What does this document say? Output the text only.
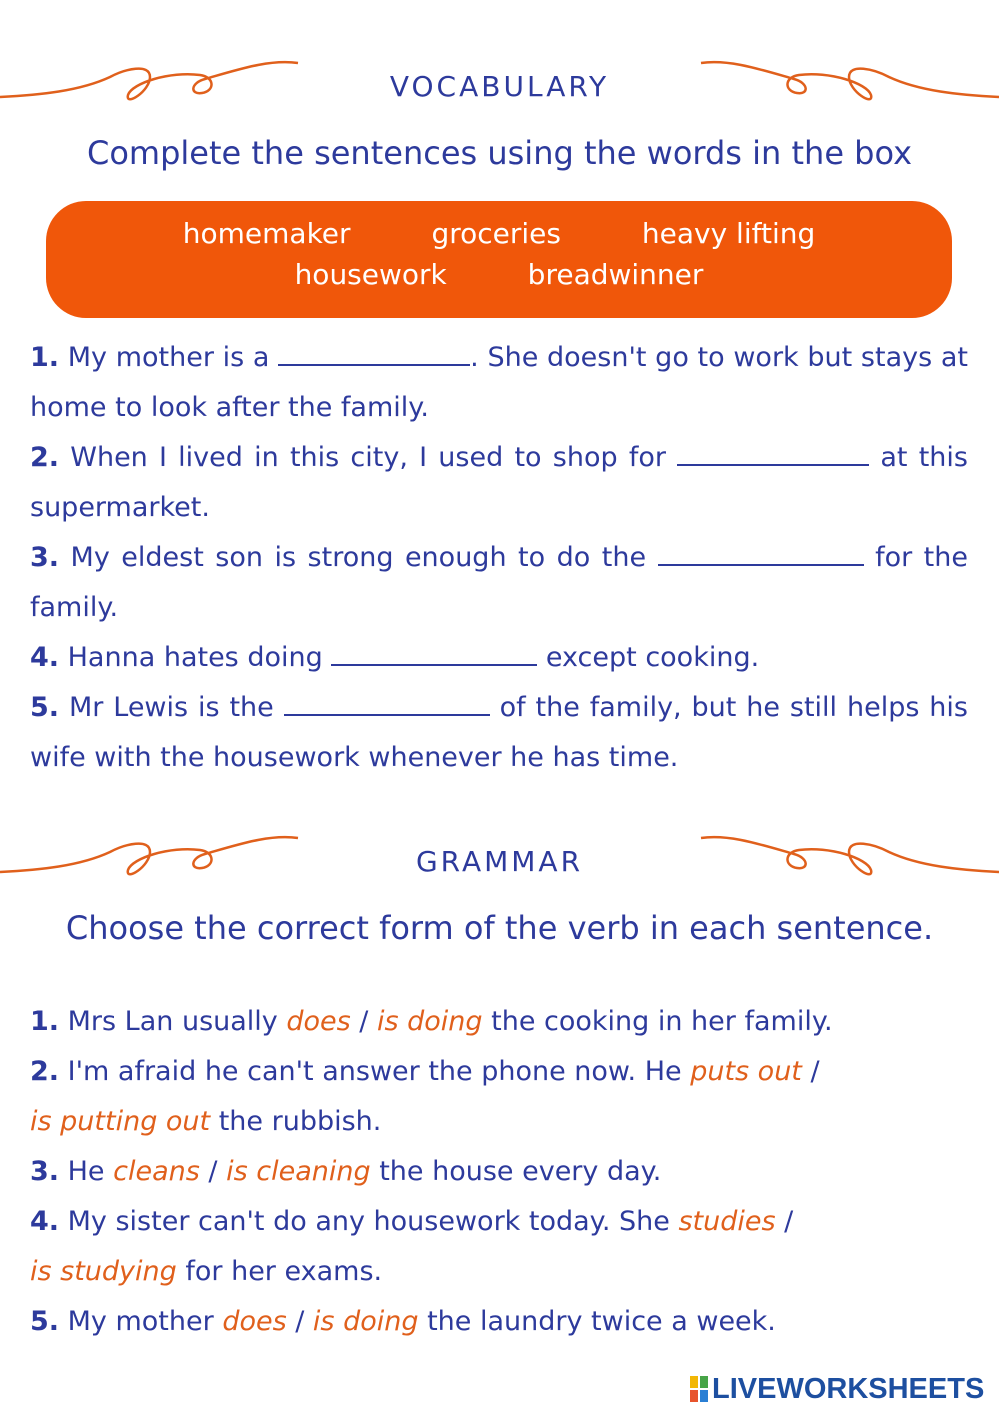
VOCABULARY
Complete the sentences using the words in the box
homemaker	groceries	heavy lifting
housework	breadwinner

1. My mother is a	. She doesn't go to work but stays at home to look after the family.

2. When I lived in this city, I used to shop for	at this supermarket.

3. My eldest son is strong enough to do the	for the family.

4. Hanna hates doing	except cooking.

5. Mr Lewis is the	of the family, but he still helps his wife with the housework whenever he has time.

GRAMMAR
Choose the correct form of the verb in each sentence.

1. Mrs Lan usually does / is doing the cooking in her family.

2. I'm afraid he can't answer the phone now. He puts out /
is putting out the rubbish.

3. He cleans / is cleaning the house every day.

4. My sister can't do any housework today. She studies /
is studying for her exams.

5. My mother does / is doing the laundry twice a week.

LIVEWORKSHEETS
